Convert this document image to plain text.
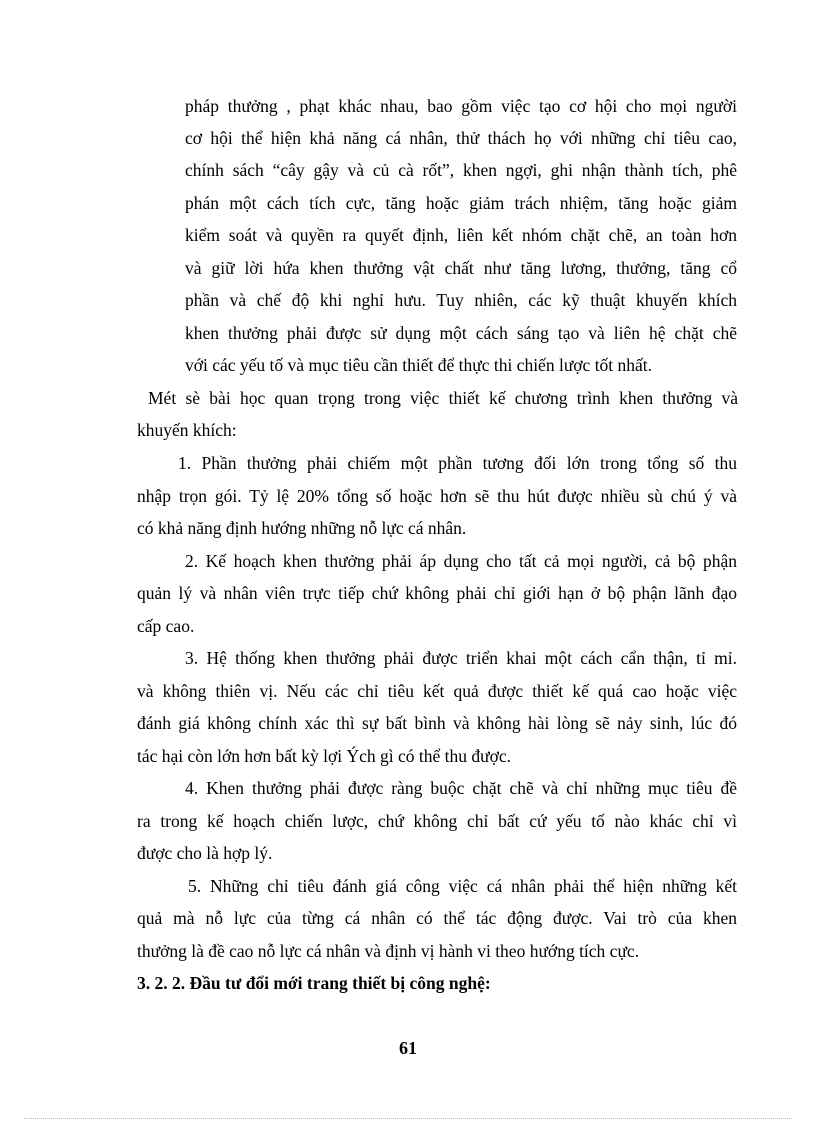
pháp thưởng , phạt khác nhau, bao gồm việc tạo cơ hội cho mọi người

cơ hội thể hiện khả năng cá nhân, thử thách họ với những chỉ tiêu cao,

chính sách “cây gậy và củ cà rốt”, khen ngợi, ghi nhận thành tích, phê

phán một cách tích cực, tăng hoặc giảm trách nhiệm, tăng hoặc giảm

kiểm soát và quyền ra quyết định, liên kết nhóm chặt chẽ, an toàn hơn

và giữ lời hứa khen thưởng vật chất như tăng lương, thưởng, tăng cổ

phần và chế độ khi nghỉ hưu. Tuy nhiên, các kỹ thuật khuyến khích

khen thưởng phải được sử dụng một cách sáng tạo và liên hệ chặt chẽ

với các yếu tố và mục tiêu cần thiết để thực thi chiến lược tốt nhất.

Mét sè bài học quan trọng trong việc thiết kế chương trình khen thưởng và

khuyến khích:

1. Phần thưởng phải chiếm một phần tương đối lớn trong tổng số thu

nhập trọn gói. Tỷ lệ 20% tổng số hoặc hơn sẽ thu hút được nhiều sù chú ý và

có khả năng định hướng những nỗ lực cá nhân.

2. Kế hoạch khen thưởng phải áp dụng cho tất cả mọi người, cả bộ phận

quản lý và nhân viên trực tiếp chứ không phải chỉ giới hạn ở bộ phận lãnh đạo

cấp cao.

3. Hệ thống khen thưởng phải được triển khai một cách cẩn thận, tỉ mỉ.

và không thiên vị. Nếu các chỉ tiêu kết quả được thiết kế quá cao hoặc việc

đánh giá không chính xác thì sự bất bình và không hài lòng sẽ nảy sinh, lúc đó

tác hại còn lớn hơn bất kỳ lợi Ých gì có thể thu được.

4. Khen thưởng phải được ràng buộc chặt chẽ và chỉ những mục tiêu đề

ra trong kế hoạch chiến lược, chứ không chỉ bất cứ yếu tố nào khác chỉ vì

được cho là hợp lý.

5. Những chỉ tiêu đánh giá công việc cá nhân phải thể hiện những kết

quả mà nỗ lực của từng cá nhân có thể tác động được. Vai trò của khen

thưởng là đề cao nỗ lực cá nhân và định vị hành vi theo hướng tích cực.

3. 2. 2. Đầu tư đổi mới trang thiết bị công nghệ:

61
